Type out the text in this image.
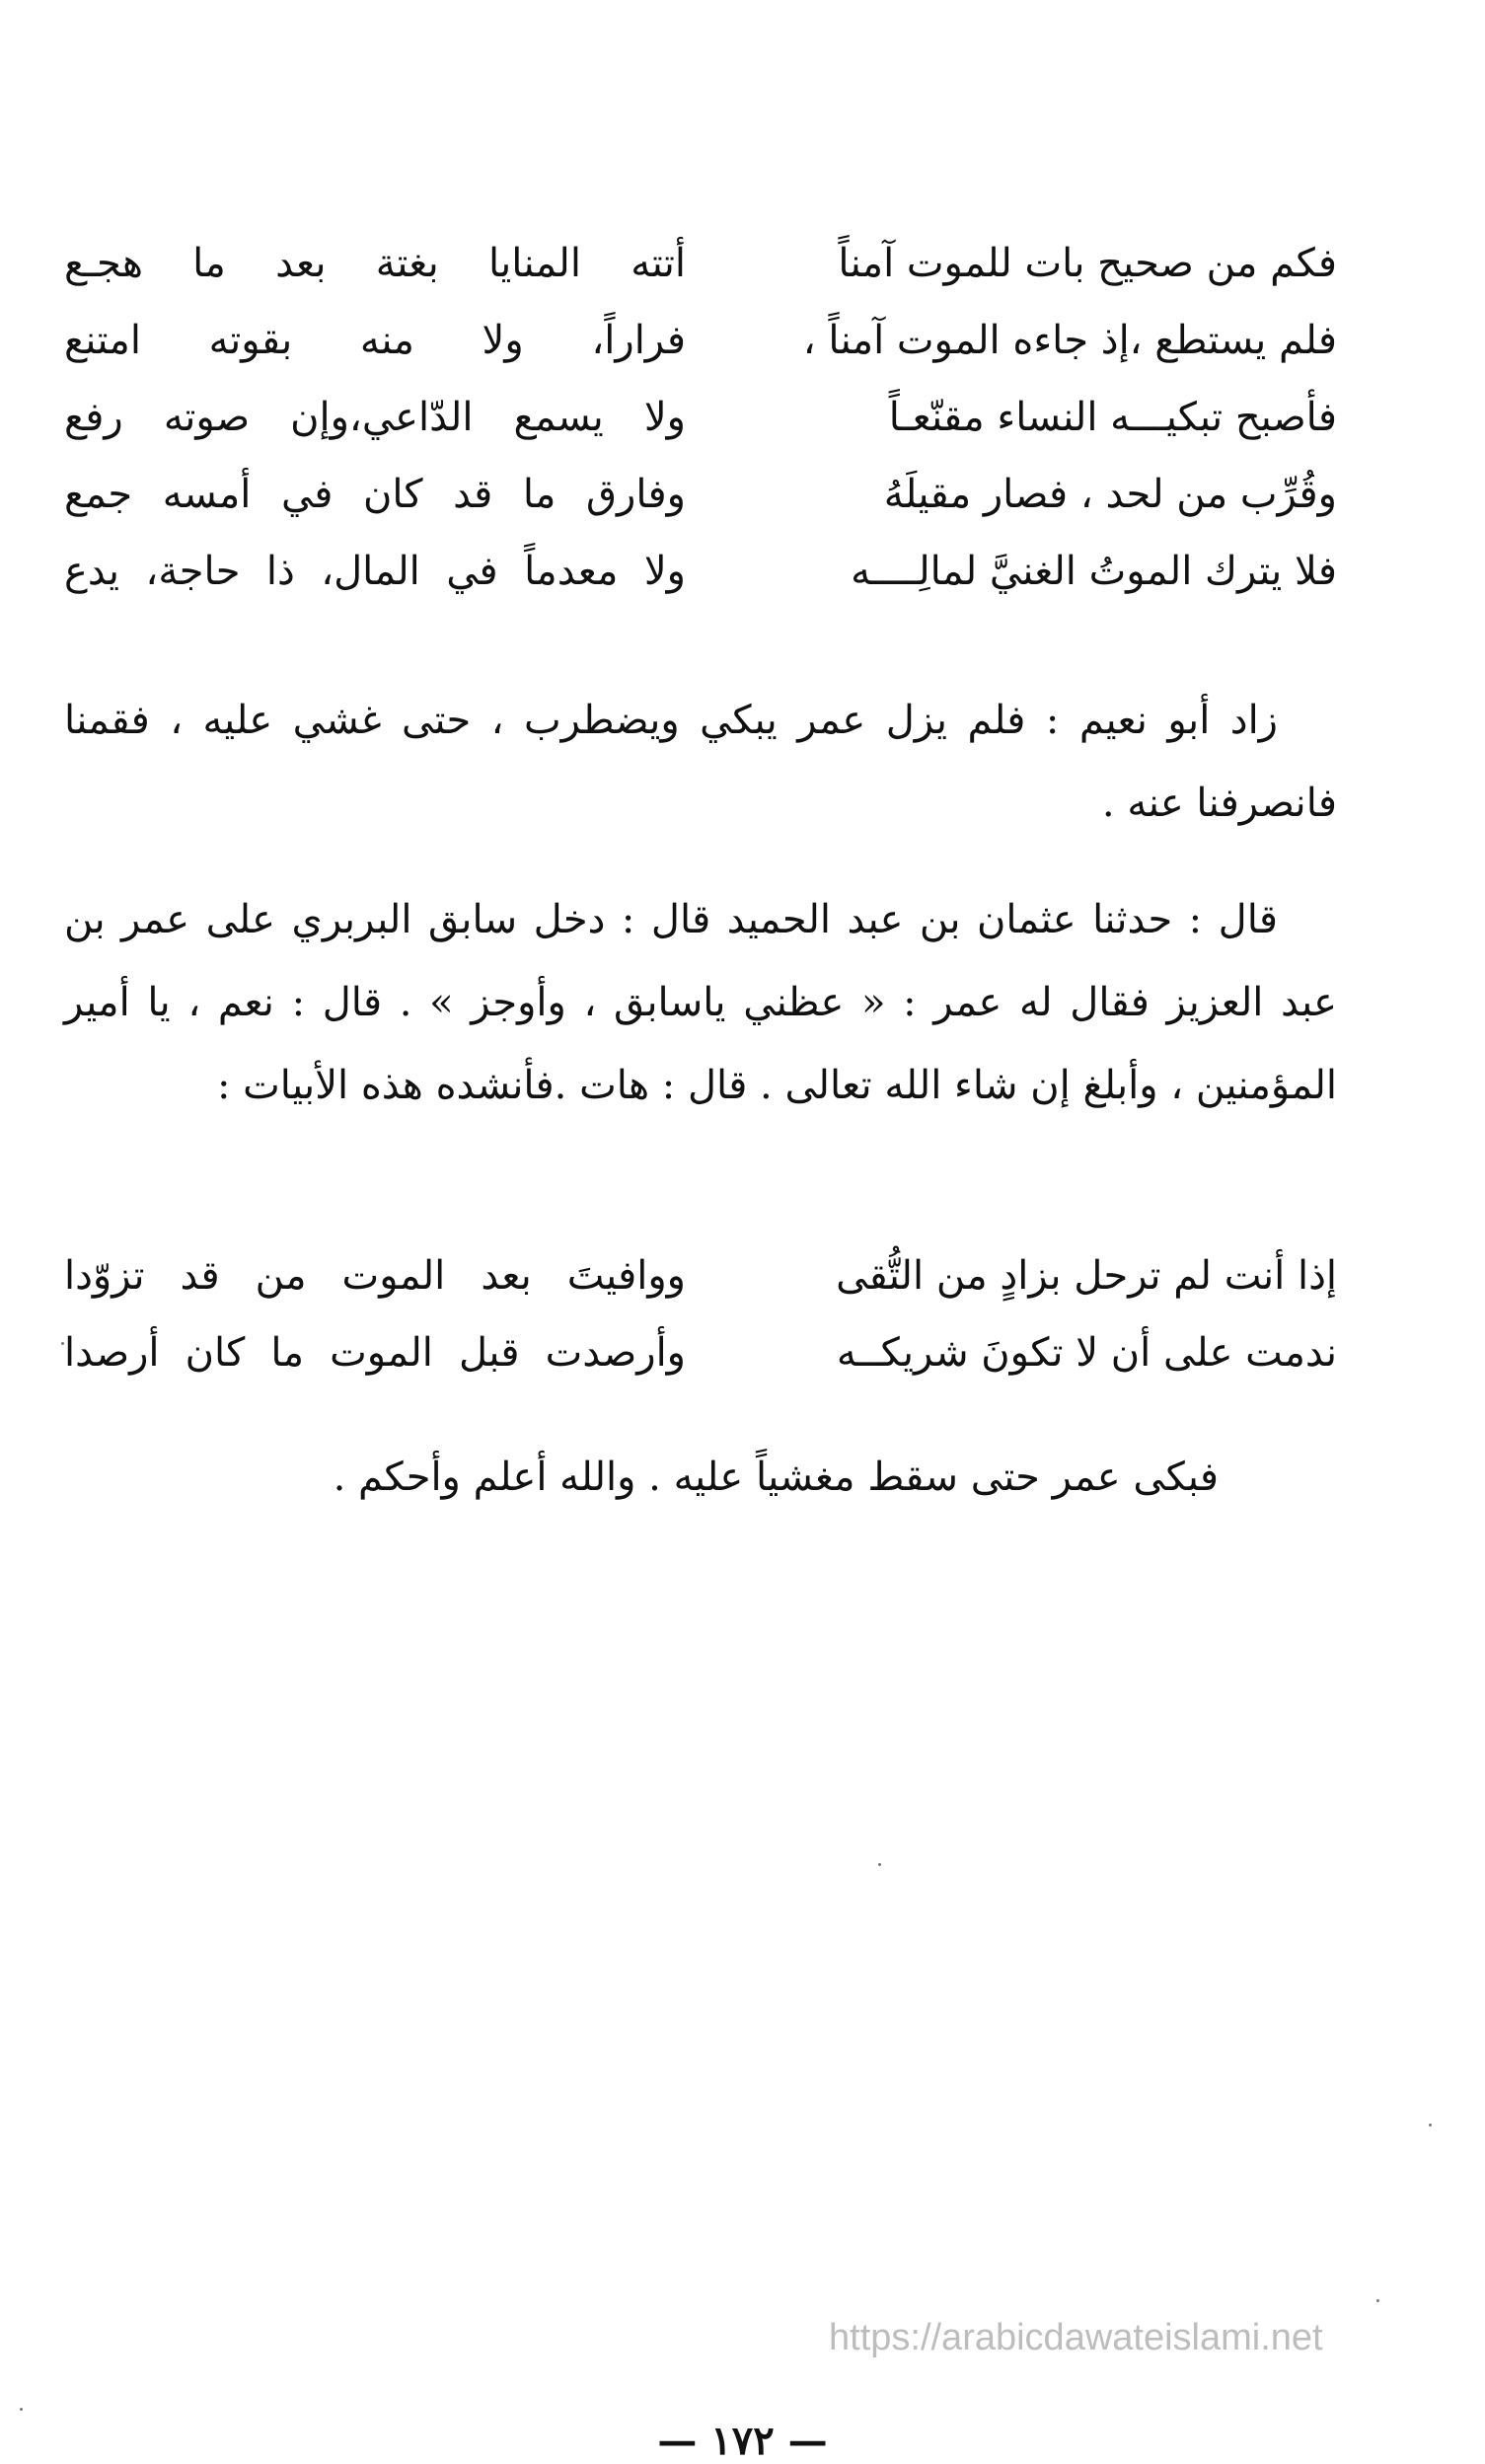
فكم من صحيح بات للموت آمناً
أتته المنايا بغتة بعد ما هجـع
فلم يستطع ،إذ جاءه الموت آمناً ،
فراراً، ولا منه بقوته امتنع
فأصبح تبكيـــه النساء مقنّعـاً
ولا يسمع الدّاعي،وإن صوته رفع
وقُرِّب من لحد ، فصار مقيلَهُ
وفارق ما قد كان في أمسه جمع
فلا يترك الموتُ الغنيَّ لمالِــــه
ولا معدماً في المال، ذا حاجة، يدع
زاد أبو نعيم : فلم يزل عمر يبكي ويضطرب ، حتى غشي عليه ، فقمنا فانصرفنا عنه .
قال : حدثنا عثمان بن عبد الحميد قال : دخل سابق البربري على عمر بن عبد العزيز فقال له عمر : « عظني ياسابق ، وأوجز » . قال : نعم ، يا أمير المؤمنين ، وأبلغ إن شاء الله تعالى . قال : هات .فأنشده هذه الأبيات :
إذا أنت لم ترحل بزادٍ من التُّقى
ووافيتَ بعد الموت من قد تزوّدا
ندمت على أن لا تكونَ شريكــه
وأرصدت قبل الموت ما كان أرصدا
فبكى عمر حتى سقط مغشياً عليه . والله أعلم وأحكم .
https://arabicdawateislami.net
— ١٧٢ —
